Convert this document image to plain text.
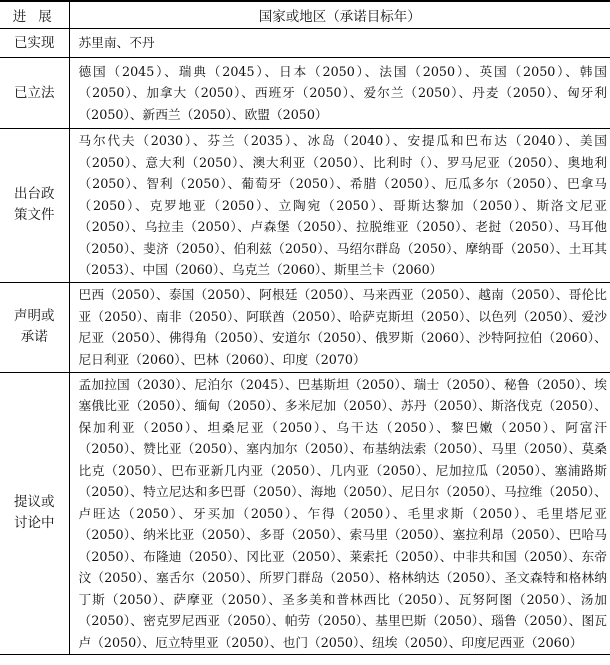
进展	国家或地区（承诺目标年）
已实现	苏里南、不丹
已立法	德国（2045）、瑞典（2045）、日本（2050）、法国（2050）、英国（2050）、韩国（2050）、加拿大（2050）、西班牙（2050）、爱尔兰（2050）、丹麦（2050）、匈牙利（2050）、新西兰（2050）、欧盟（2050）
出台政策文件	马尔代夫（2030）、芬兰（2035）、冰岛（2040）、安提瓜和巴布达（2040）、美国（2050）、意大利（2050）、澳大利亚（2050）、比利时（）、罗马尼亚（2050）、奥地利（2050）、智利（2050）、葡萄牙（2050）、希腊（2050）、厄瓜多尔（2050）、巴拿马（2050）、克罗地亚（2050）、立陶宛（2050）、哥斯达黎加（2050）、斯洛文尼亚（2050）、乌拉圭（2050）、卢森堡（2050）、拉脱维亚（2050）、老挝（2050）、马耳他（2050）、斐济（2050）、伯利兹（2050）、马绍尔群岛（2050）、摩纳哥（2050）、土耳其（2053）、中国（2060）、乌克兰（2060）、斯里兰卡（2060）
声明或承诺	巴西（2050）、泰国（2050）、阿根廷（2050）、马来西亚（2050）、越南（2050）、哥伦比亚（2050）、南非（2050）、阿联酋（2050）、哈萨克斯坦（2050）、以色列（2050）、爱沙尼亚（2050）、佛得角（2050）、安道尔（2050）、俄罗斯（2060）、沙特阿拉伯（2060）、尼日利亚（2060）、巴林（2060）、印度（2070）
提议或讨论中	孟加拉国（2030）、尼泊尔（2045）、巴基斯坦（2050）、瑞士（2050）、秘鲁（2050）、埃塞俄比亚（2050）、缅甸（2050）、多米尼加（2050）、苏丹（2050）、斯洛伐克（2050）、保加利亚（2050）、坦桑尼亚（2050）、乌干达（2050）、黎巴嫩（2050）、阿富汗（2050）、赞比亚（2050）、塞内加尔（2050）、布基纳法索（2050）、马里（2050）、莫桑比克（2050）、巴布亚新几内亚（2050）、几内亚（2050）、尼加拉瓜（2050）、塞浦路斯（2050）、特立尼达和多巴哥（2050）、海地（2050）、尼日尔（2050）、马拉维（2050）、卢旺达（2050）、牙买加（2050）、乍得（2050）、毛里求斯（2050）、毛里塔尼亚（2050）、纳米比亚（2050）、多哥（2050）、索马里（2050）、塞拉利昂（2050）、巴哈马（2050）、布隆迪（2050）、冈比亚（2050）、莱索托（2050）、中非共和国（2050）、东帝汶（2050）、塞舌尔（2050）、所罗门群岛（2050）、格林纳达（2050）、圣文森特和格林纳丁斯（2050）、萨摩亚（2050）、圣多美和普林西比（2050）、瓦努阿图（2050）、汤加（2050）、密克罗尼西亚（2050）、帕劳（2050）、基里巴斯（2050）、瑙鲁（2050）、图瓦卢（2050）、厄立特里亚（2050）、也门（2050）、纽埃（2050）、印度尼西亚（2060）
